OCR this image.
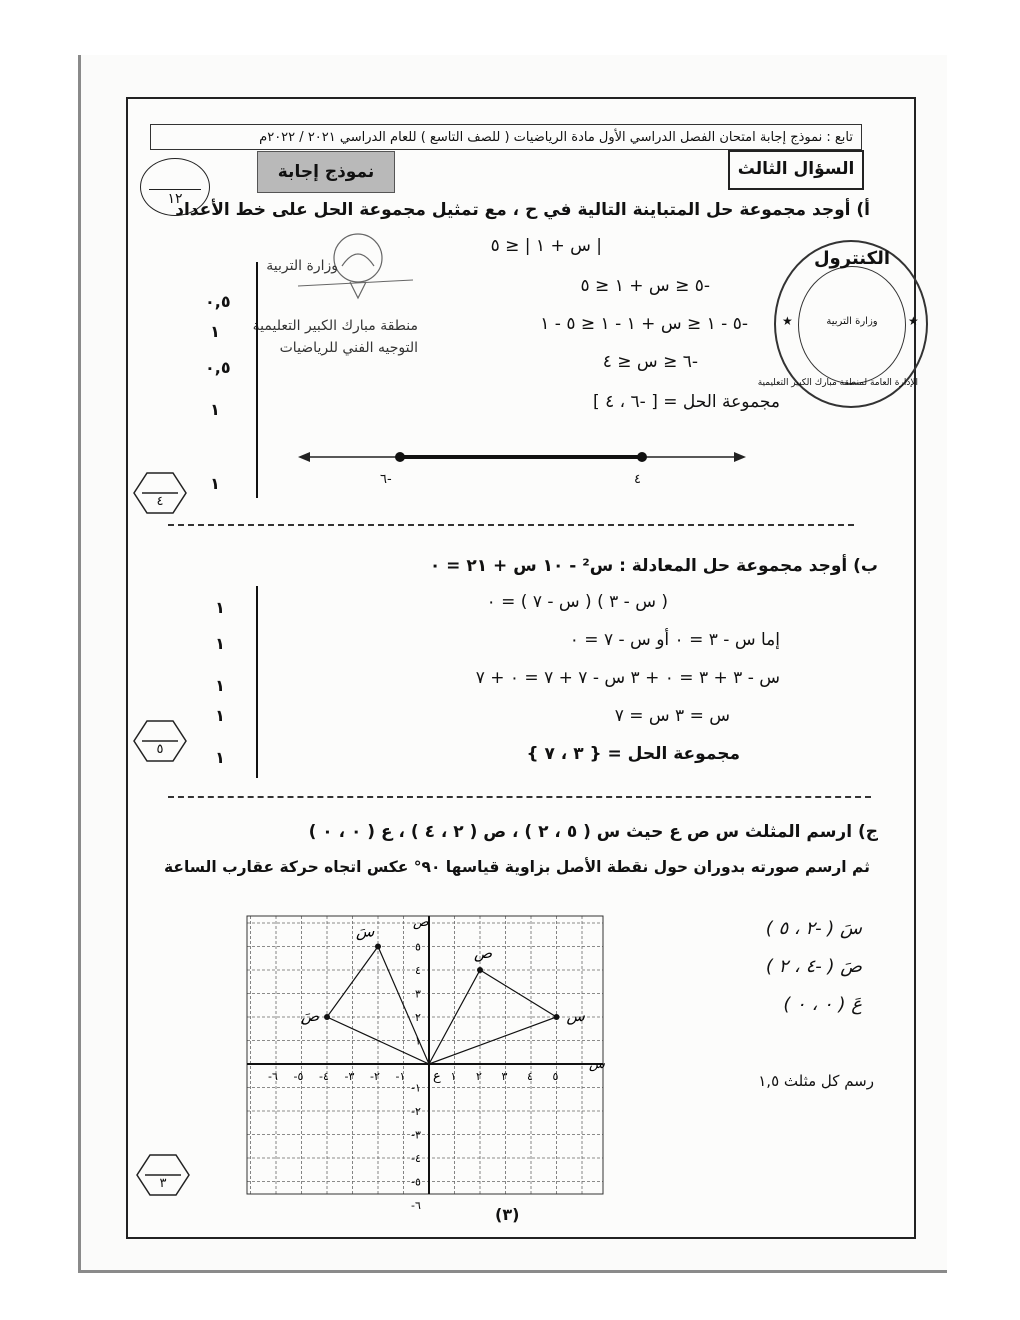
تابع : نموذج إجابة امتحان الفصل الدراسي الأول مادة الرياضيات ( للصف التاسع ) للعام الدراسي ٢٠٢١ / ٢٠٢٢م
السؤال الثالث
نموذج إجابة
١٢
الكنترول
وزارة التربية
الإدارة العامة لمنطقة مبارك الكبير التعليمية
★	★
وزارة التربية
منطقة مبارك الكبير التعليمية
التوجيه الفني للرياضيات
أ) أوجد مجموعة حل المتباينة التالية في ح ، مع تمثيل مجموعة الحل على خط الأعداد
| س + ١ | ≤ ٥
-٥ ≤ س + ١ ≤ ٥
-٥ - ١ ≤ س + ١ - ١ ≤ ٥ - ١
-٦ ≤ س ≤ ٤
مجموعة الحل = [ -٦ ، ٤ ]
٠,٥
١
٠,٥
١
١
٤
-٦	٤
ب) أوجد مجموعة حل المعادلة : س² - ١٠ س + ٢١ = ٠
( س - ٣ ) ( س - ٧ ) = ٠
إما س - ٣ = ٠ أو س - ٧ = ٠
س - ٣ + ٣ = ٠ + ٣ س - ٧ + ٧ = ٠ + ٧
س = ٣ س = ٧
مجموعة الحل = { ٣ ، ٧ }
١
١
١
١
١
٥
ج) ارسم المثلث س ص ع حيث س ( ٥ ، ٢ ) ، ص ( ٢ ، ٤ ) ، ع ( ٠ ، ٠ )
ثم ارسم صورته بدوران حول نقطة الأصل بزاوية قياسها ٩٠° عكس اتجاه حركة عقارب الساعة
سَ ( -٢ ، ٥ )
صَ ( -٤ ، ٢ )
عَ ( ٠ ، ٠ )
رسم كل مثلث ١,٥
٣
١ ٢ ٣ ٤ ٥
-١
-٢
-٣
-٤
-٥
-٦
١
٢
٣
٤
٥
-١
-٢
-٣
-٤
-٥
-٦
س
ص
ع
س
ص
سَ
صَ
(٣)
